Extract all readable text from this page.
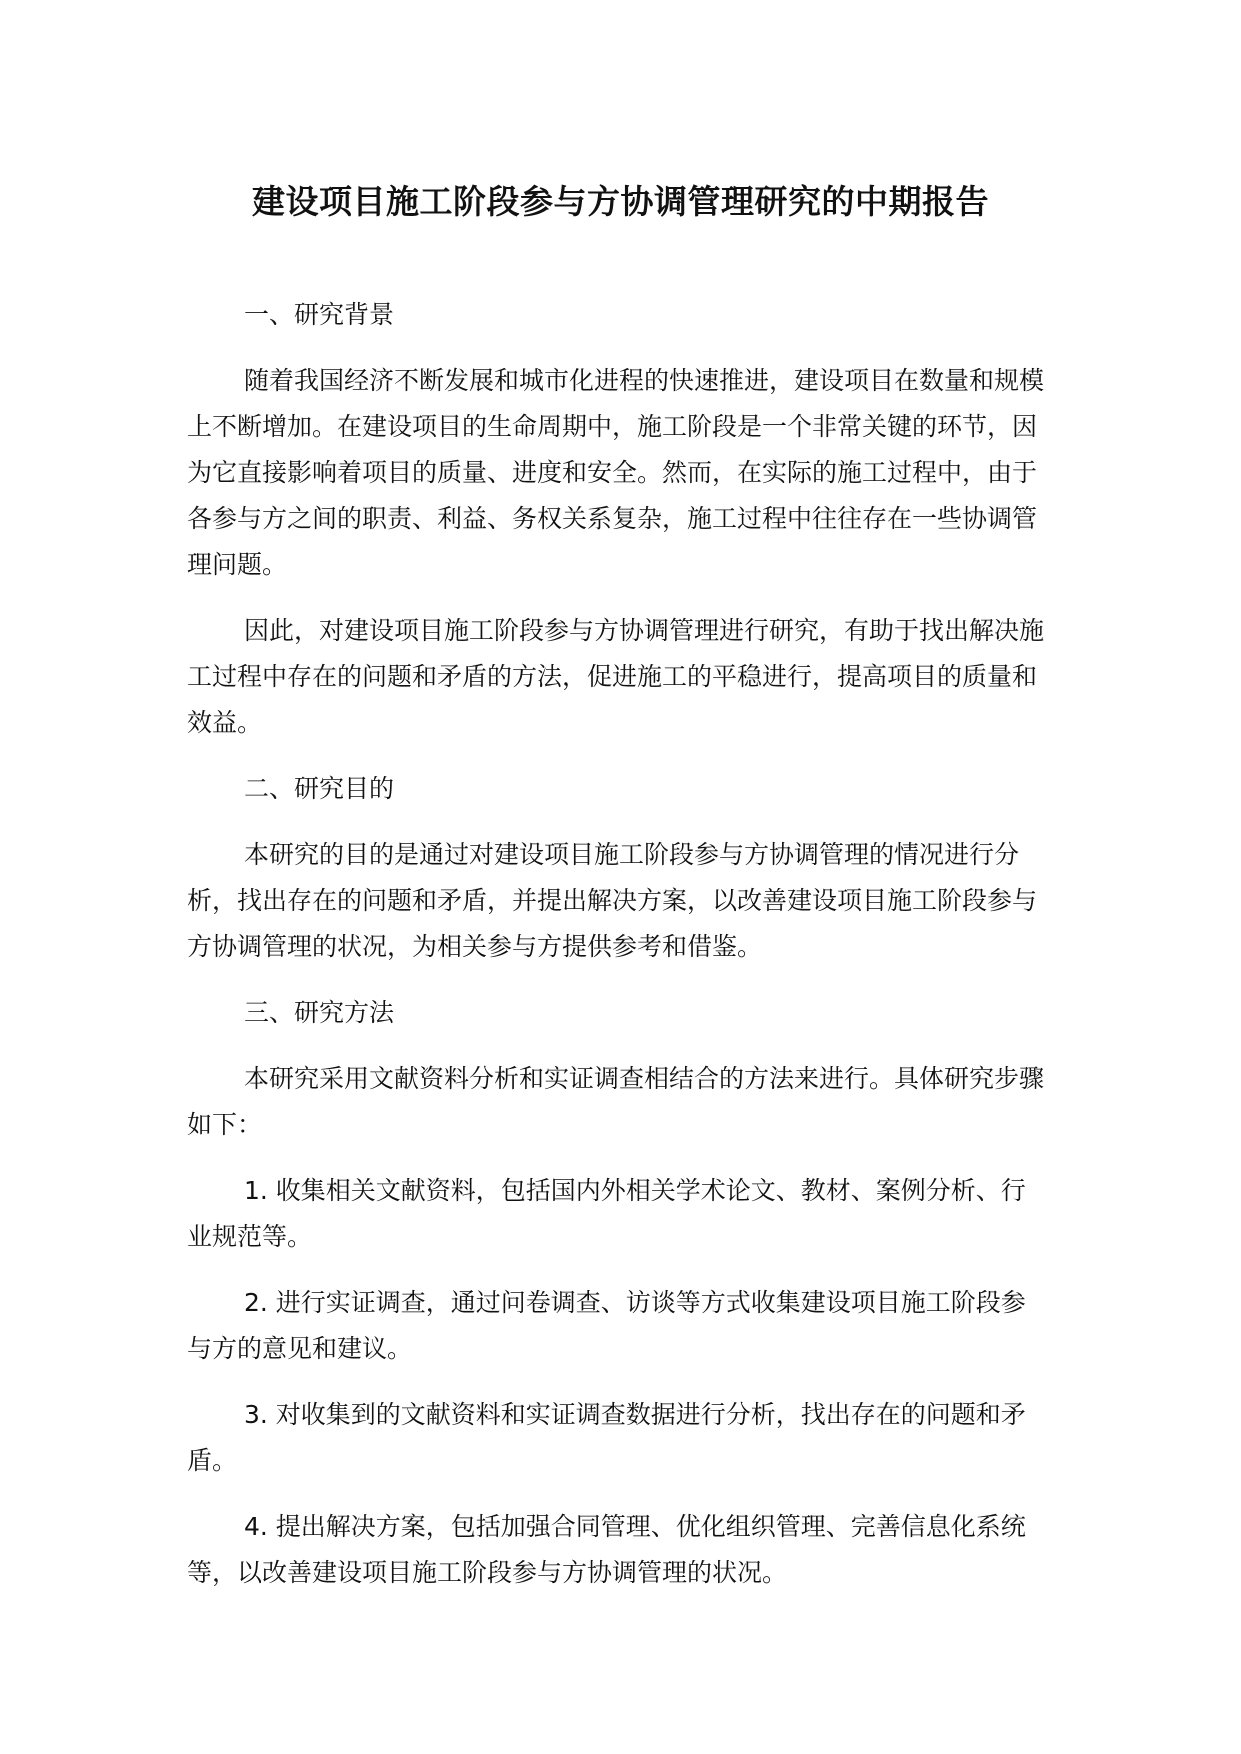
建设项目施工阶段参与方协调管理研究的中期报告

一、研究背景

随着我国经济不断发展和城市化进程的快速推进，建设项目在数量和规模上不断增加。在建设项目的生命周期中，施工阶段是一个非常关键的环节，因为它直接影响着项目的质量、进度和安全。然而，在实际的施工过程中，由于各参与方之间的职责、利益、务权关系复杂，施工过程中往往存在一些协调管理问题。

因此，对建设项目施工阶段参与方协调管理进行研究，有助于找出解决施工过程中存在的问题和矛盾的方法，促进施工的平稳进行，提高项目的质量和效益。

二、研究目的

本研究的目的是通过对建设项目施工阶段参与方协调管理的情况进行分析，找出存在的问题和矛盾，并提出解决方案，以改善建设项目施工阶段参与方协调管理的状况，为相关参与方提供参考和借鉴。

三、研究方法

本研究采用文献资料分析和实证调查相结合的方法来进行。具体研究步骤如下：

1. 收集相关文献资料，包括国内外相关学术论文、教材、案例分析、行业规范等。

2. 进行实证调查，通过问卷调查、访谈等方式收集建设项目施工阶段参与方的意见和建议。

3. 对收集到的文献资料和实证调查数据进行分析，找出存在的问题和矛盾。

4. 提出解决方案，包括加强合同管理、优化组织管理、完善信息化系统等，以改善建设项目施工阶段参与方协调管理的状况。
